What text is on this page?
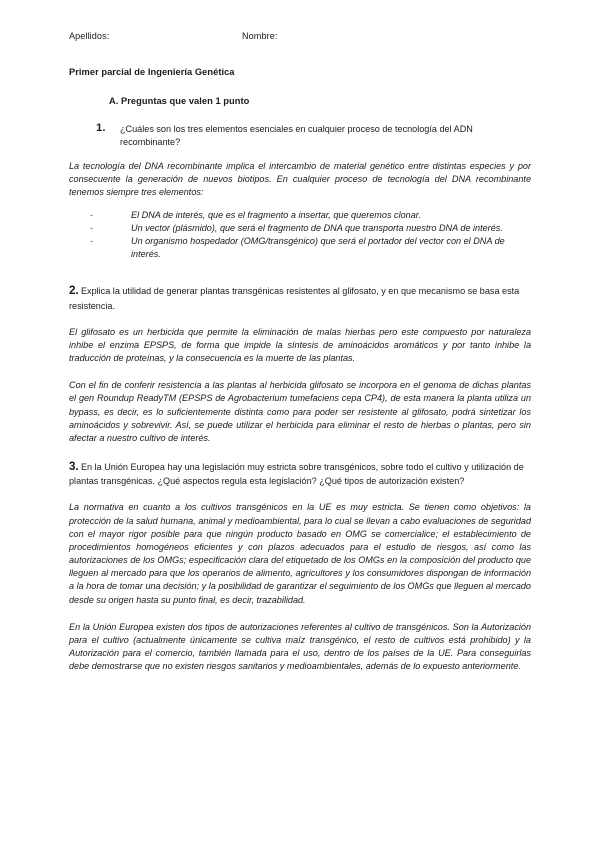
Apellidos:	Nombre:
Primer parcial de Ingeniería Genética
A. Preguntas que valen 1 punto
1. ¿Cuáles son los tres elementos esenciales en cualquier proceso de tecnología del ADN recombinante?
La tecnología del DNA recombinante implica el intercambio de material genético entre distintas especies y por consecuente la generación de nuevos biotipos. En cualquier proceso de tecnología del DNA recombinante tenemos siempre tres elementos:
-	El DNA de interés, que es el fragmento a insertar, que queremos clonar.
-	Un vector (plásmido), que será el fragmento de DNA que transporta nuestro DNA de interés.
-	Un organismo hospedador (OMG/transgénico) que será el portador del vector con el DNA de interés.
2. Explica la utilidad de generar plantas transgénicas resistentes al glifosato, y en que mecanismo se basa esta resistencia.
El glifosato es un herbicida que permite la eliminación de malas hierbas pero este compuesto por naturaleza inhibe el enzima EPSPS, de forma que impide la síntesis de aminoácidos aromáticos y por tanto inhibe la traducción de proteínas, y la consecuencia es la muerte de las plantas.
Con el fin de conferir resistencia a las plantas al herbicida glifosato se incorpora en el genoma de dichas plantas el gen Roundup ReadyTM (EPSPS de Agrobacterium tumefaciens cepa CP4), de esta manera la planta utiliza un bypass, es decir, es lo suficientemente distinta como para poder ser resistente al glifosato, podrá sintetizar los aminoácidos y sobrevivir. Así, se puede utilizar el herbicida para eliminar el resto de hierbas o plantas, pero sin afectar a nuestro cultivo de interés.
3. En la Unión Europea hay una legislación muy estricta sobre transgénicos, sobre todo el cultivo y utilización de plantas transgénicas. ¿Qué aspectos regula esta legislación? ¿Qué tipos de autorización existen?
La normativa en cuanto a los cultivos transgénicos en la UE es muy estricta. Se tienen como objetivos: la protección de la salud humana, animal y medioambiental, para lo cual se llevan a cabo evaluaciones de seguridad con el mayor rigor posible para que ningún producto basado en OMG se comercialice; el establecimiento de procedimientos homogéneos eficientes y con plazos adecuados para el estudio de riesgos, así como las autorizaciones de los OMGs; especificación clara del etiquetado de los OMGs en la composición del producto que lleguen al mercado para que los operarios de alimento, agricultores y los consumidores dispongan de información a la hora de tomar una decisión; y la posibilidad de garantizar el seguimiento de los OMGs que lleguen al mercado desde su origen hasta su punto final, es decir, trazabilidad.
En la Unión Europea existen dos tipos de autorizaciones referentes al cultivo de transgénicos. Son la Autorización para el cultivo (actualmente únicamente se cultiva maíz transgénico, el resto de cultivos está prohibido) y la Autorización para el comercio, también llamada para el uso, dentro de los países de la UE. Para conseguirlas debe demostrarse que no existen riesgos sanitarios y medioambientales, además de lo expuesto anteriormente.
